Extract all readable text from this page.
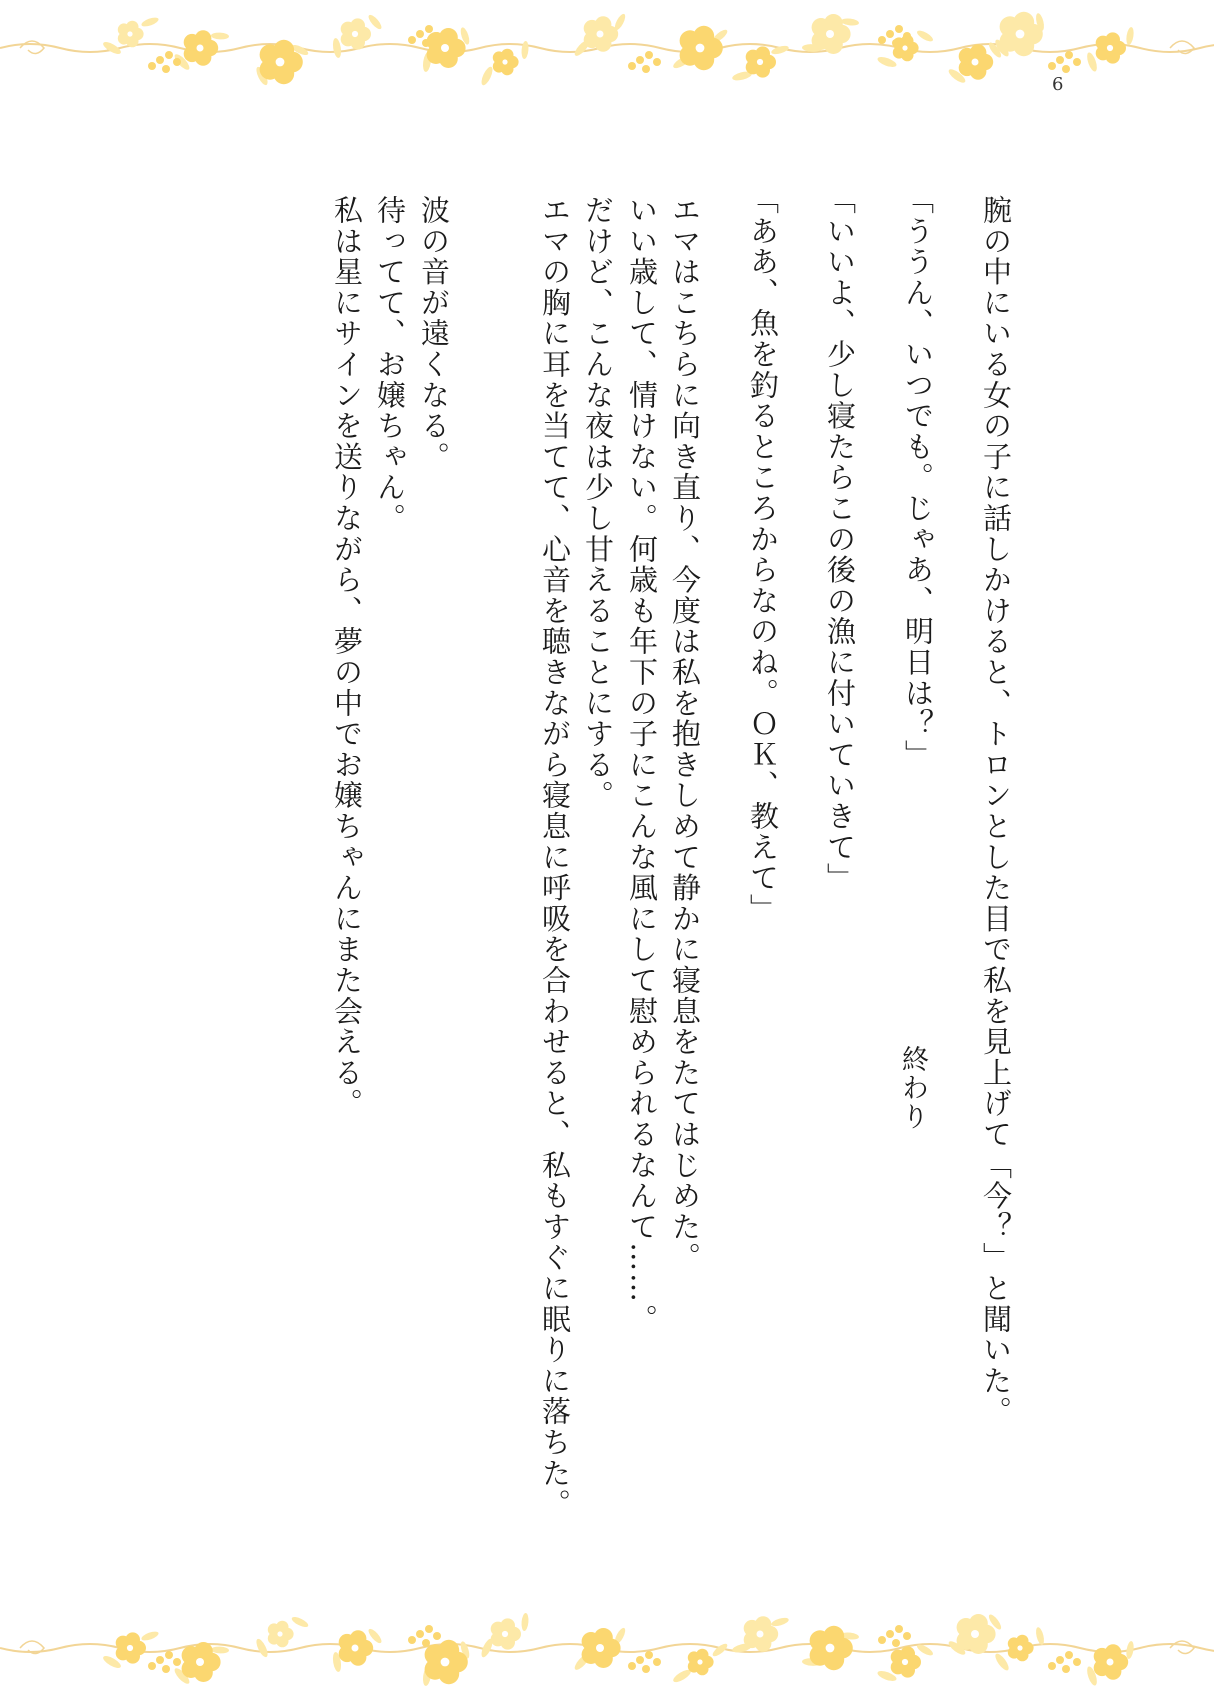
6
腕の中にいる女の子に話しかけると、トロンとした目で私を見上げて「今？」と聞いた。
「ううん、いつでも。じゃあ、明日は？」
「いいよ、少し寝たらこの後の漁に付いていきて」
「ああ、魚を釣るところからなのね。ＯＫ、教えて」
エマはこちらに向き直り、今度は私を抱きしめて静かに寝息をたてはじめた。
いい歳して、情けない。何歳も年下の子にこんな風にして慰められるなんて……。
だけど、こんな夜は少し甘えることにする。
エマの胸に耳を当てて、心音を聴きながら寝息に呼吸を合わせると、私もすぐに眠りに落ちた。
波の音が遠くなる。
待ってて、お嬢ちゃん。
私は星にサインを送りながら、夢の中でお嬢ちゃんにまた会える。	終わり
